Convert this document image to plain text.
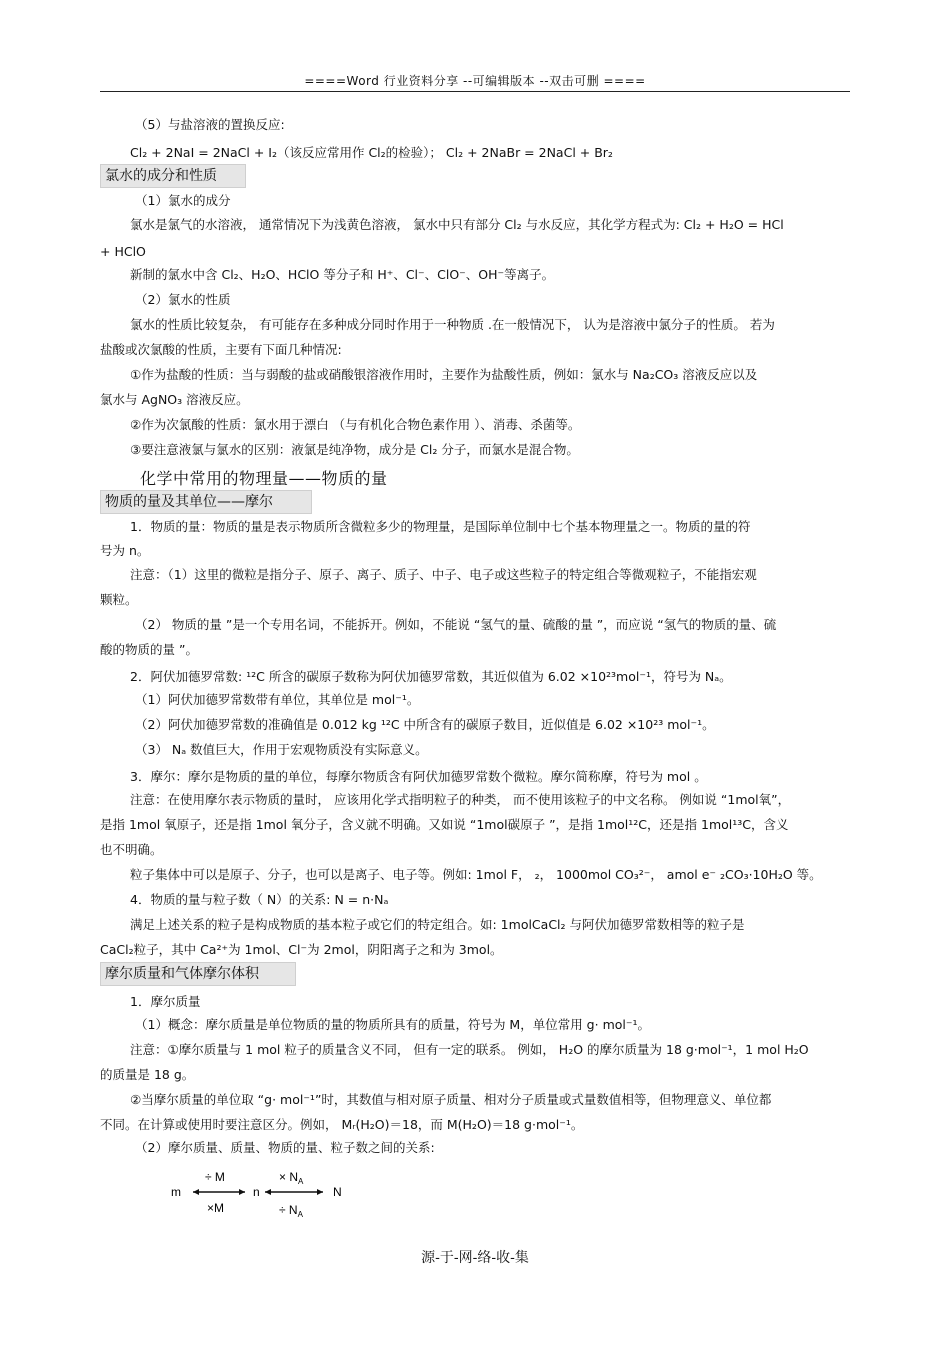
====Word 行业资料分享 --可编辑版本 --双击可删 ====
（5）与盐溶液的置换反应:
Cl₂ + 2NaI = 2NaCl + I₂（该反应常用作 Cl₂的检验）； Cl₂ + 2NaBr = 2NaCl + Br₂
（1）氯水的成分
氯水是氯气的水溶液， 通常情况下为浅黄色溶液， 氯水中只有部分 Cl₂ 与水反应，其化学方程式为: Cl₂ + H₂O = HCl
+ HClO
新制的氯水中含 Cl₂、H₂O、HClO 等分子和 H⁺、Cl⁻、ClO⁻、OH⁻等离子。
（2）氯水的性质
氯水的性质比较复杂， 有可能存在多种成分同时作用于一种物质 .在一般情况下， 认为是溶液中氯分子的性质。 若为
盐酸或次氯酸的性质，主要有下面几种情况:
①作为盐酸的性质：当与弱酸的盐或硝酸银溶液作用时，主要作为盐酸性质，例如：氯水与 Na₂CO₃ 溶液反应以及
氯水与 AgNO₃ 溶液反应。
②作为次氯酸的性质：氯水用于漂白 （与有机化合物色素作用 ）、消毒、杀菌等。
③要注意液氯与氯水的区别：液氯是纯净物，成分是 Cl₂ 分子，而氯水是混合物。
1．物质的量：物质的量是表示物质所含微粒多少的物理量，是国际单位制中七个基本物理量之一。物质的量的符
号为 n。
注意：（1）这里的微粒是指分子、原子、离子、质子、中子、电子或这些粒子的特定组合等微观粒子，不能指宏观
颗粒。
（2） 物质的量 ”是一个专用名词，不能拆开。例如，不能说 “氢气的量、硫酸的量 ”，而应说 “氢气的物质的量、硫
酸的物质的量 ”。
2．阿伏加德罗常数: ¹²C 所含的碳原子数称为阿伏加德罗常数，其近似值为 6.02 ×10²³mol⁻¹，符号为 Nₐ。
（1）阿伏加德罗常数带有单位，其单位是 mol⁻¹。
（2）阿伏加德罗常数的准确值是 0.012 kg ¹²C 中所含有的碳原子数目，近似值是 6.02 ×10²³ mol⁻¹。
（3） Nₐ 数值巨大，作用于宏观物质没有实际意义。
3．摩尔：摩尔是物质的量的单位，每摩尔物质含有阿伏加德罗常数个微粒。摩尔简称摩，符号为 mol 。
注意：在使用摩尔表示物质的量时， 应该用化学式指明粒子的种类， 而不使用该粒子的中文名称。 例如说 “1mol氧”，
是指 1mol 氧原子，还是指 1mol 氧分子，含义就不明确。又如说 “1mol碳原子 ”，是指 1mol¹²C，还是指 1mol¹³C，含义
也不明确。
粒子集体中可以是原子、分子，也可以是离子、电子等。例如: 1mol F， ₂， 1000mol CO₃²⁻， amol e⁻ ₂CO₃·10H₂O 等。
4．物质的量与粒子数（ N）的关系: N = n·Nₐ
满足上述关系的粒子是构成物质的基本粒子或它们的特定组合。如: 1molCaCl₂ 与阿伏加德罗常数相等的粒子是
CaCl₂粒子，其中 Ca²⁺为 1mol、Cl⁻为 2mol，阴阳离子之和为 3mol。
1．摩尔质量
（1）概念：摩尔质量是单位物质的量的物质所具有的质量，符号为 M，单位常用 g· mol⁻¹。
注意：①摩尔质量与 1 mol 粒子的质量含义不同， 但有一定的联系。 例如， H₂O 的摩尔质量为 18 g·mol⁻¹，1 mol H₂O
的质量是 18 g。
②当摩尔质量的单位取 “g· mol⁻¹”时，其数值与相对原子质量、相对分子质量或式量数值相等，但物理意义、单位都
不同。在计算或使用时要注意区分。例如， Mᵣ(H₂O)＝18，而 M(H₂O)＝18 g·mol⁻¹。
（2）摩尔质量、质量、物质的量、粒子数之间的关系:
氯水的成分和性质
物质的量及其单位——摩尔
摩尔质量和气体摩尔体积
化学中常用的物理量——物质的量
m
÷ M
×M
n
× $N_A$
÷ $N_A$
N
源-于-网-络-收-集
